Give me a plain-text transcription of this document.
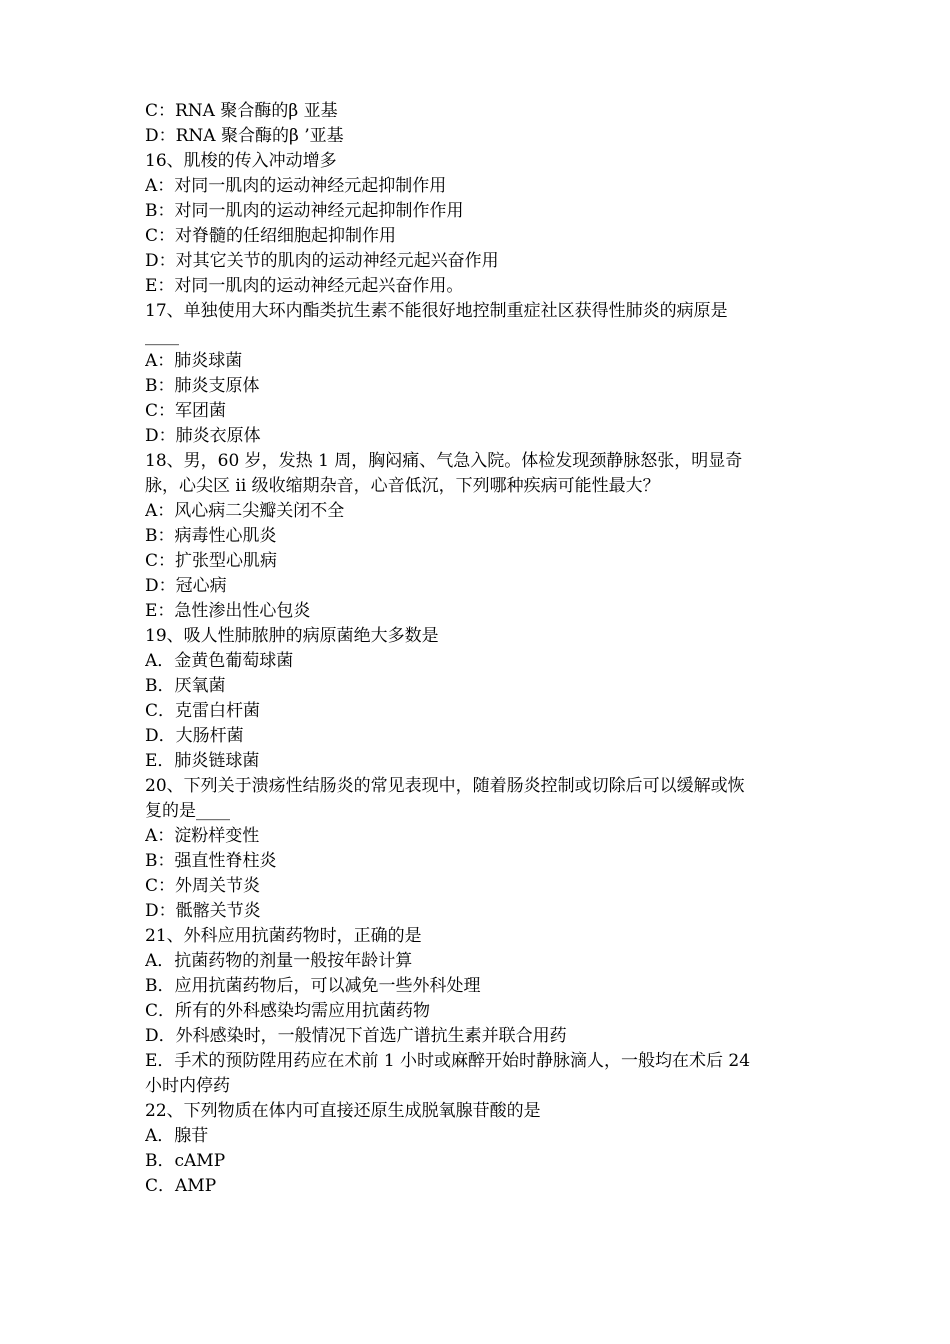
C：RNA 聚合酶的β 亚基

D：RNA 聚合酶的β ’亚基

16、肌梭的传入冲动增多

A：对同一肌肉的运动神经元起抑制作用

B：对同一肌肉的运动神经元起抑制作作用

C：对脊髓的任绍细胞起抑制作用

D：对其它关节的肌肉的运动神经元起兴奋作用

E：对同一肌肉的运动神经元起兴奋作用。

17、单独使用大环内酯类抗生素不能很好地控制重症社区获得性肺炎的病原是

____

A：肺炎球菌

B：肺炎支原体

C：军团菌

D：肺炎衣原体

18、男，60 岁，发热 1 周，胸闷痛、气急入院。体检发现颈静脉怒张，明显奇

脉，心尖区 ii 级收缩期杂音，心音低沉，下列哪种疾病可能性最大？

A：风心病二尖瓣关闭不全

B：病毒性心肌炎

C：扩张型心肌病

D：冠心病

E：急性渗出性心包炎

19、吸人性肺脓肿的病原菌绝大多数是

A．金黄色葡萄球菌

B．厌氧菌

C．克雷白杆菌

D．大肠杆菌

E．肺炎链球菌

20、下列关于溃疡性结肠炎的常见表现中，随着肠炎控制或切除后可以缓解或恢

复的是____

A：淀粉样变性

B：强直性脊柱炎

C：外周关节炎

D：骶髂关节炎

21、外科应用抗菌药物时，正确的是

A．抗菌药物的剂量一般按年龄计算

B．应用抗菌药物后，可以减免一些外科处理

C．所有的外科感染均需应用抗菌药物

D．外科感染时，一般情况下首选广谱抗生素并联合用药

E．手术的预防陞用药应在术前 1 小时或麻醉开始时静脉滴人，一般均在术后 24

小时内停药

22、下列物质在体内可直接还原生成脱氧腺苷酸的是

A．腺苷

B．cAMP

C．AMP
